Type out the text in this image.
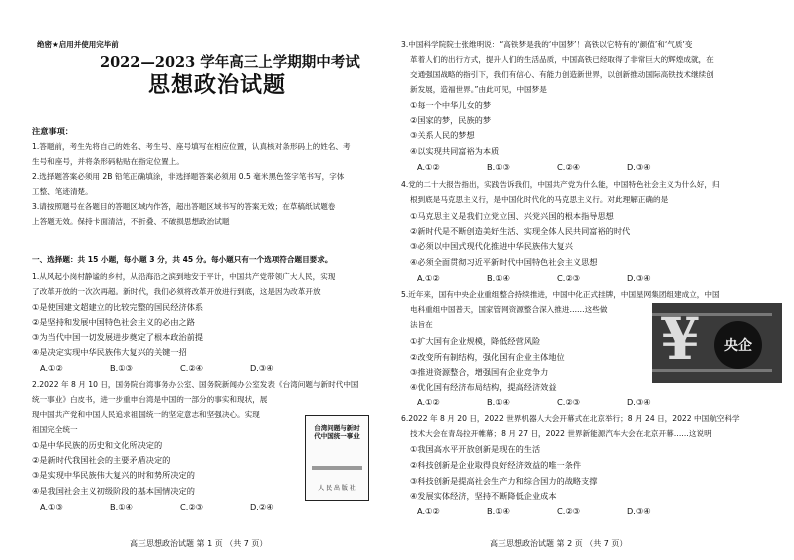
绝密★启用并使用完毕前
2022—2023 学年高三上学期期中考试
思想政治试题
注意事项：
1.答题前，考生先将自己的姓名、考生号、座号填写在相应位置，认真核对条形码上的姓名、考
生号和座号，并将条形码粘贴在指定位置上。
2.选择题答案必须用 2B 铅笔正确填涂，非选择题答案必须用 0.5 毫米黑色签字笔书写，字体
工整、笔迹清楚。
3.请按照题号在各题目的答题区域内作答，超出答题区域书写的答案无效；在草稿纸试题卷
上答题无效。保持卡面清洁，不折叠、不破损思想政治试题
一、选择题：共 15 小题，每小题 3 分，共 45 分。每小题只有一个选项符合题目要求。
1.从风起小岗村静谧的乡村，从沿海沿之滨到地安于平计，中国共产党带领广大人民，实现
了改革开放的一次次再超。新时代，我们必须将改革开放进行到底，这是因为改革开放
①是使国建文超建立的比较完整的国民经济体系
②是坚持和发展中国特色社会主义的必由之路
③为当代中国一切发展进步奠定了根本政治前提
④是决定实现中华民族伟大复兴的关键一招
A.①②	B.①③	C.②④	D.③④
2.2022 年 8 月 10 日，国务院台湾事务办公室、国务院新闻办公室发表《台湾问题与新时代中国
统一事业》白皮书，进一步重申台湾是中国的一部分的事实和现状，展
现中国共产党和中国人民追求祖国统一的坚定意志和坚强决心。实现
祖国完全统一
①是中华民族的历史和文化所决定的
②是新时代我国社会的主要矛盾决定的
③是实现中华民族伟大复兴的时和势所决定的
④是我国社会主义初级阶段的基本国情决定的
A.①③	B.①④	C.②③	D.②④
台湾问题与新时代中国统一事业
人 民 出 版 社
高三思想政治试题 第 1 页 （共 7 页）
3.中国科学院院士张维明说：“高铁梦是我的‘中国梦’！高铁以它特有的‘颜值’和‘气质’变
革着人们的出行方式，提升人们的生活品质，中国高铁已经取得了非常巨大的辉煌成就，在
交通强国战略的指引下，我们有信心、有能力创造新世界，以创新推动国际高铁技术继续创
新发展，造福世界。”由此可见，中国梦是
①每一个中华儿女的梦
②国家的梦，民族的梦
③关系人民的梦想
④以实现共同富裕为本质
A.①②	B.①③	C.②④	D.③④
4.党的二十大报告指出，实践告诉我们，中国共产党为什么能，中国特色社会主义为什么好，归
根到底是马克思主义行，是中国化时代化的马克思主义行。对此理解正确的是
①马克思主义是我们立党立国、兴党兴国的根本指导思想
②新时代是不断创造美好生活、实现全体人民共同富裕的时代
③必须以中国式现代化推进中华民族伟大复兴
④必须全面贯彻习近平新时代中国特色社会主义思想
A.①②	B.①④	C.②③	D.③④
5.近年来，国有中央企业重组整合持续推进，中国中化正式挂牌，中国星网集团组建成立，中国
电科重组中国普天，国家管网资源整合深入推进……这些做
法旨在
①扩大国有企业规模，降低经营风险
②改变所有制结构，强化国有企业主体地位
③推进资源整合，增强国有企业竞争力
④优化国有经济布局结构，提高经济效益
A.①②	B.①④	C.②③	D.③④
¥	央企
6.2022 年 8 月 20 日，2022 世界机器人大会开幕式在北京举行；8 月 24 日，2022 中国航空科学
技术大会在青岛拉开帷幕；8 月 27 日，2022 世界新能源汽车大会在北京开幕……这说明
①我国高水平开放创新是现在的生活
②科技创新是企业取得良好经济效益的唯一条件
③科技创新是提高社会生产力和综合国力的战略支撑
④发展实体经济，坚持不断降低企业成本
A.①②	B.①④	C.②③	D.③④
高三思想政治试题 第 2 页 （共 7 页）
